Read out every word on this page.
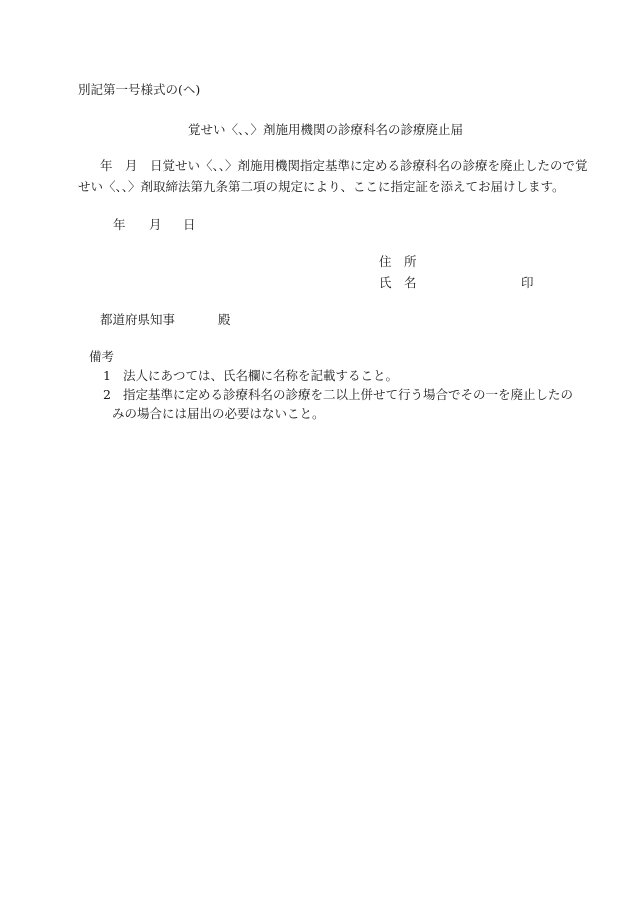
別記第一号様式の(ヘ)
覚せい〈、、〉剤施用機関の診療科名の診療廃止届
年　月　日覚せい〈、、〉剤施用機関指定基準に定める診療科名の診療を廃止したので覚
せい〈、、〉剤取締法第九条第二項の規定により、ここに指定証を添えてお届けします。
年 月 日
住　所
氏　名	印
都道府県知事	殿
備考
1 法人にあつては、氏名欄に名称を記載すること。
2 指定基準に定める診療科名の診療を二以上併せて行う場合でその一を廃止したの
みの場合には届出の必要はないこと。
